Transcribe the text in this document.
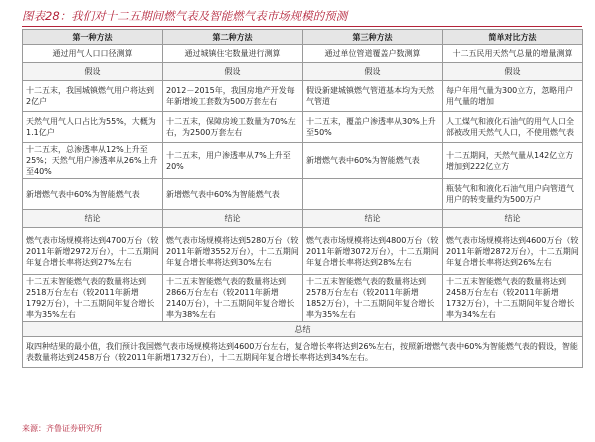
图表28：我们对十二五期间燃气表及智能燃气表市场规模的预测
第一种方法	第二种方法	第三种方法	简单对比方法
通过用气人口口径测算	通过城镇住宅数量进行测算	通过单位管道覆盖户数测算	十二五民用天然气总量的增量测算
假设	假设	假设	假设
十二五末，我国城镇燃气用户将达到2亿户	2012－2015年，我国房地产开发每年新增竣工套数为500万套左右	假设新建城镇燃气管道基本均为天然气管道	每户年用气量为300立方，忽略用户用气量的增加
天然气用气人口占比为55%，大概为1.1亿户	十二五末，保障房竣工数量为70%左右，为2500万套左右	十二五末，覆盖户渗透率从30%上升至50%	人工煤气和液化石油气的用气人口全部被改用天然气人口，不使用燃气表
十二五末，总渗透率从12%上升至25%；天然气用户渗透率从26%上升至40%	十二五末，用户渗透率从7%上升至20%	新增燃气表中60%为智能燃气表	十二五期间，天然气量从142亿立方增加到222亿立方
新增燃气表中60%为智能燃气表	新增燃气表中60%为智能燃气表		瓶装气和和液化石油气用户向管道气用户的转变量约为500万户
结论	结论	结论	结论
燃气表市场规模将达到4700万台（较2011年新增2972万台），十二五期间年复合增长率将达到27%左右	燃气表市场规模将达到5280万台（较2011年新增3552万台），十二五期间年复合增长率将达到30%左右	燃气表市场规模将达到4800万台（较2011年新增3072万台），十二五期间年复合增长率将达到28%左右	燃气表市场规模将达到4600万台（较2011年新增2872万台），十二五期间年复合增长率将达到26%左右
十二五末智能燃气表的数量将达到2518万台左右（较2011年新增1792万台），十二五期间年复合增长率为35%左右	十二五末智能燃气表的数量将达到2866万台左右（较2011年新增2140万台），十二五期间年复合增长率为38%左右	十二五末智能燃气表的数量将达到2578万台左右（较2011年新增1852万台），十二五期间年复合增长率为35%左右	十二五末智能燃气表的数量将达到2458万台左右（较2011年新增1732万台），十二五期间年复合增长率为34%左右
总结			
取四种结果的最小值，我们预计我国燃气表市场规模将达到4600万台左右，复合增长率将达到26%左右，按照新增燃气表中60%为智能燃气表的假设，智能表数量将达到2458万台（较2011年新增1732万台），十二五期间年复合增长率将达到34%左右。			
来源：齐鲁证券研究所
